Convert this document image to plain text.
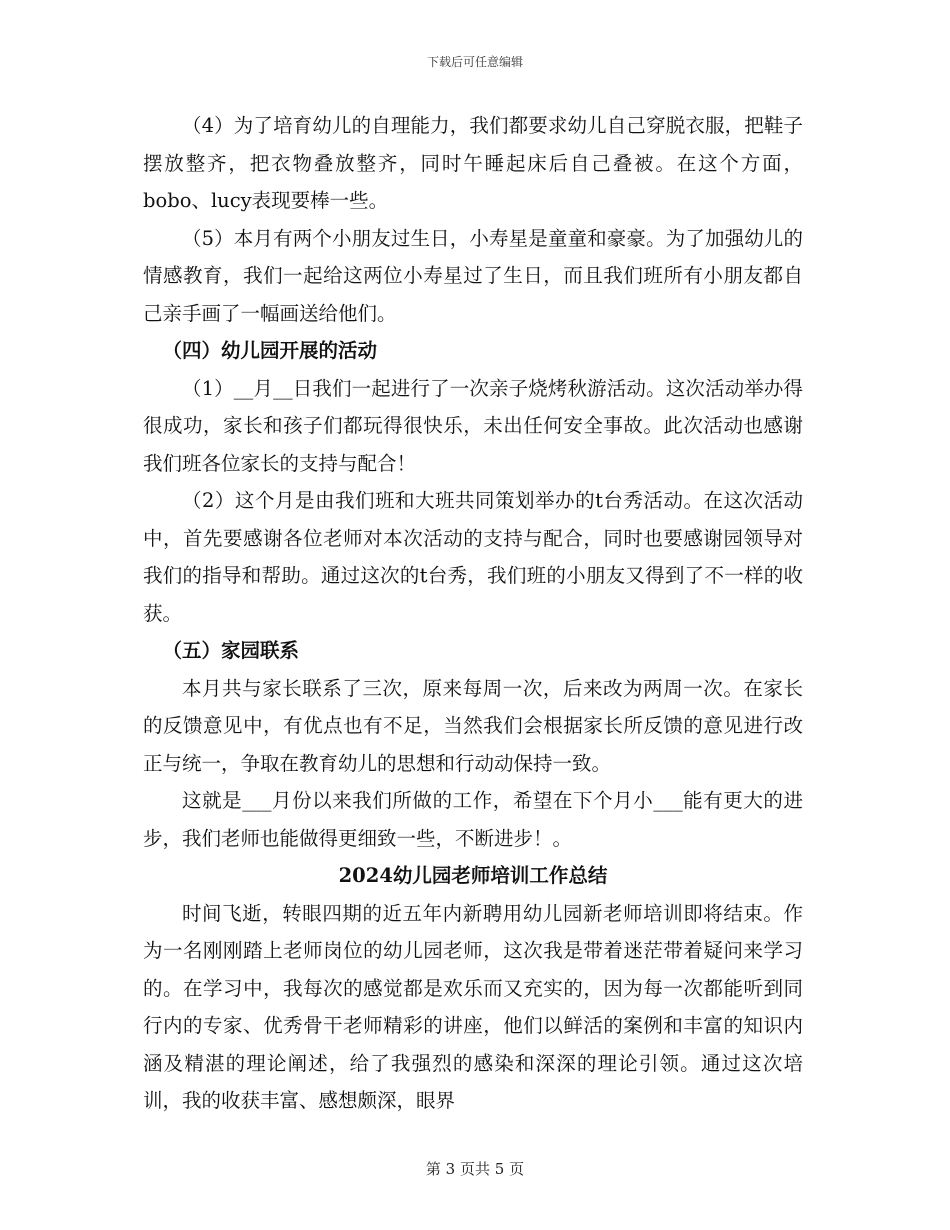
下载后可任意编辑

（4）为了培育幼儿的自理能力，我们都要求幼儿自己穿脱衣服，把鞋子摆放整齐，把衣物叠放整齐，同时午睡起床后自己叠被。在这个方面，bobo、lucy表现要棒一些。

（5）本月有两个小朋友过生日，小寿星是童童和豪豪。为了加强幼儿的情感教育，我们一起给这两位小寿星过了生日，而且我们班所有小朋友都自己亲手画了一幅画送给他们。

（四）幼儿园开展的活动

（1）__月__日我们一起进行了一次亲子烧烤秋游活动。这次活动举办得很成功，家长和孩子们都玩得很快乐，未出任何安全事故。此次活动也感谢我们班各位家长的支持与配合！

（2）这个月是由我们班和大班共同策划举办的t台秀活动。在这次活动中，首先要感谢各位老师对本次活动的支持与配合，同时也要感谢园领导对我们的指导和帮助。通过这次的t台秀，我们班的小朋友又得到了不一样的收获。

（五）家园联系

本月共与家长联系了三次，原来每周一次，后来改为两周一次。在家长的反馈意见中，有优点也有不足，当然我们会根据家长所反馈的意见进行改正与统一，争取在教育幼儿的思想和行动动保持一致。

这就是___月份以来我们所做的工作，希望在下个月小___能有更大的进步，我们老师也能做得更细致一些，不断进步！。

2024幼儿园老师培训工作总结

时间飞逝，转眼四期的近五年内新聘用幼儿园新老师培训即将结束。作为一名刚刚踏上老师岗位的幼儿园老师，这次我是带着迷茫带着疑问来学习的。在学习中，我每次的感觉都是欢乐而又充实的，因为每一次都能听到同行内的专家、优秀骨干老师精彩的讲座，他们以鲜活的案例和丰富的知识内涵及精湛的理论阐述，给了我强烈的感染和深深的理论引领。通过这次培训，我的收获丰富、感想颇深，眼界

第 3 页共 5 页
